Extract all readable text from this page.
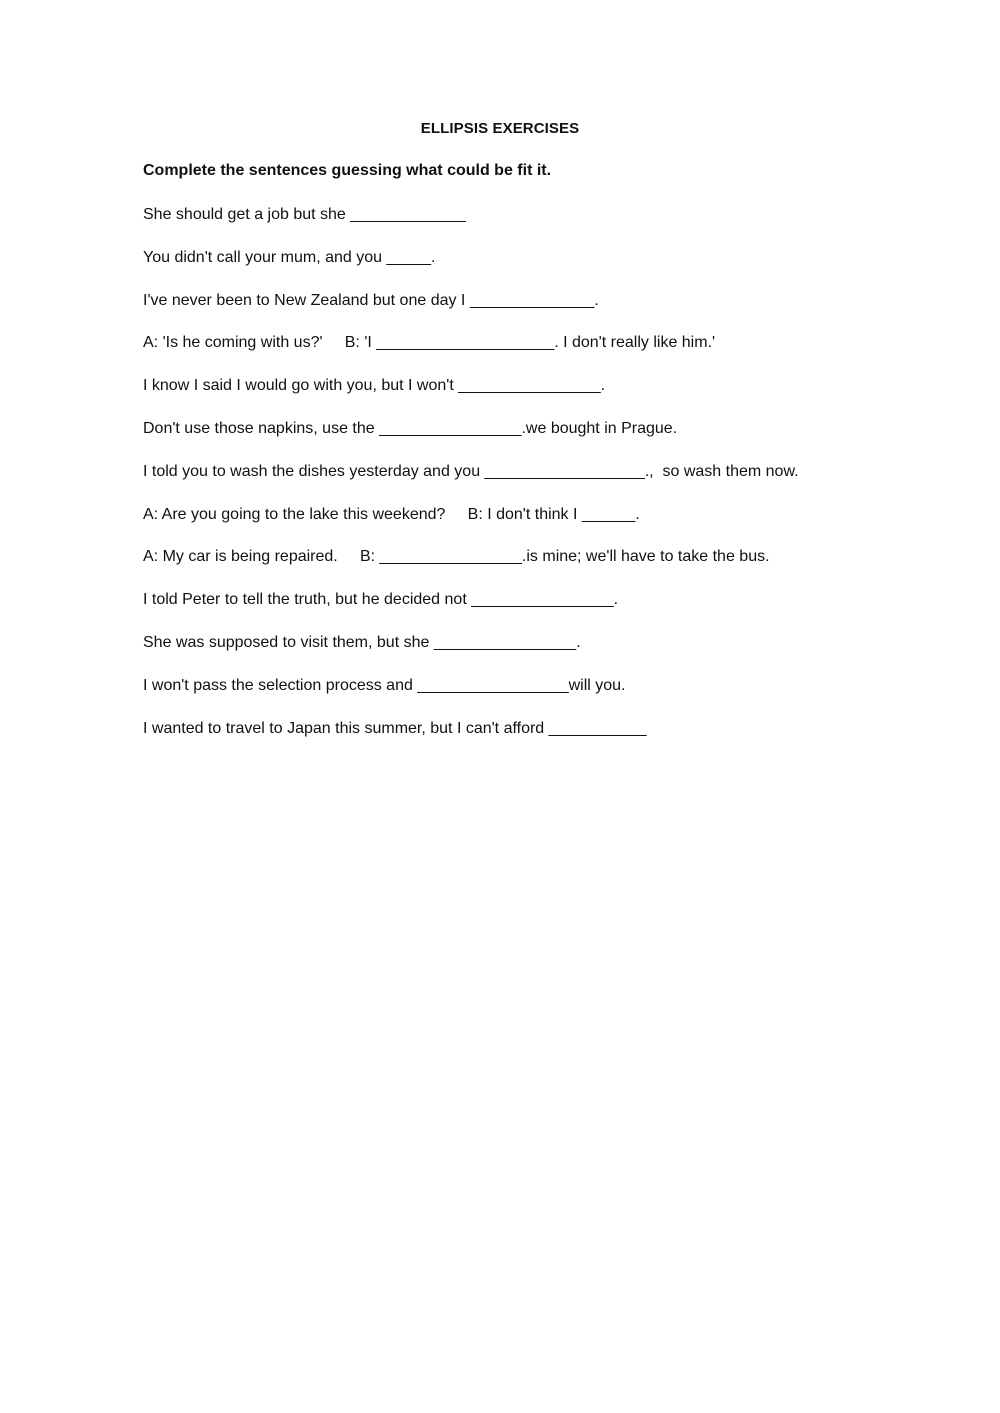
ELLIPSIS EXERCISES
Complete the sentences guessing what could be fit it.
She should get a job but she _____________
You didn't call your mum, and you _____.
I've never been to New Zealand but one day I ______________.
A: 'Is he coming with us?'     B: 'I ____________________. I don't really like him.'
I know I said I would go with you, but I won't ________________.
Don't use those napkins, use the ________________.we bought in Prague.
I told you to wash the dishes yesterday and you __________________.,  so wash them now.
A: Are you going to the lake this weekend?     B: I don't think I ______.
A: My car is being repaired.     B: ________________.is mine; we'll have to take the bus.
I told Peter to tell the truth, but he decided not ________________.
She was supposed to visit them, but she ________________.
I won't pass the selection process and _________________will you.
I wanted to travel to Japan this summer, but I can't afford ___________
